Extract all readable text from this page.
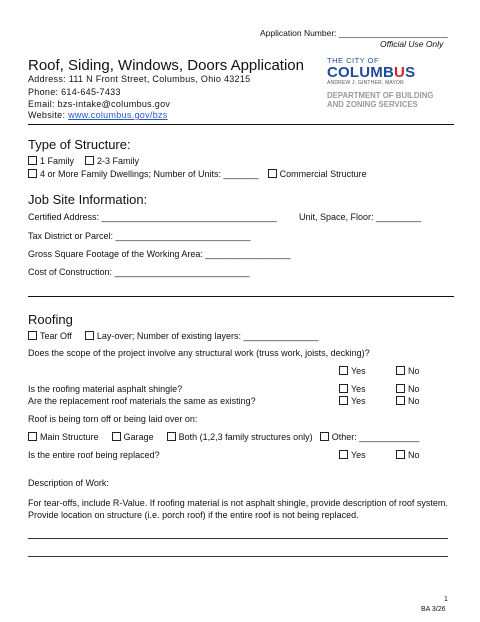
Application Number: _______________________
Official Use Only
Roof, Siding, Windows, Doors Application
Address: 111 N Front Street, Columbus, Ohio 43215
Phone: 614-645-7433
Email: bzs-intake@columbus.gov
Website: www.columbus.gov/bzs
THE CITY OF
COLUMBUS
ANDREW J. GINTHER, MAYOR
DEPARTMENT OF BUILDING
AND ZONING SERVICES
Type of Structure:
1 Family	2-3 Family
4 or More Family Dwellings; Number of Units: _______ Commercial Structure
Job Site Information:
Certified Address: ___________________________________ Unit, Space, Floor: _________
Tax District or Parcel: ___________________________
Gross Square Footage of the Working Area: _________________
Cost of Construction: ___________________________
Roofing
Tear Off	Lay-over; Number of existing layers: _______________
Does the scope of the project involve any structural work (truss work, joists, decking)?
Yes	No
Is the roofing material asphalt shingle?	Yes	No
Are the replacement roof materials the same as existing?	Yes	No
Roof is being torn off or being laid over on:
Main Structure	Garage	Both (1,2,3 family structures only) Other: ____________
Is the entire roof being replaced?	Yes	No
Description of Work:
For tear-offs, include R-Value. If roofing material is not asphalt shingle, provide description of roof system. Provide location on structure (i.e. porch roof) if the entire roof is not being replaced.
1
BA 3/26
